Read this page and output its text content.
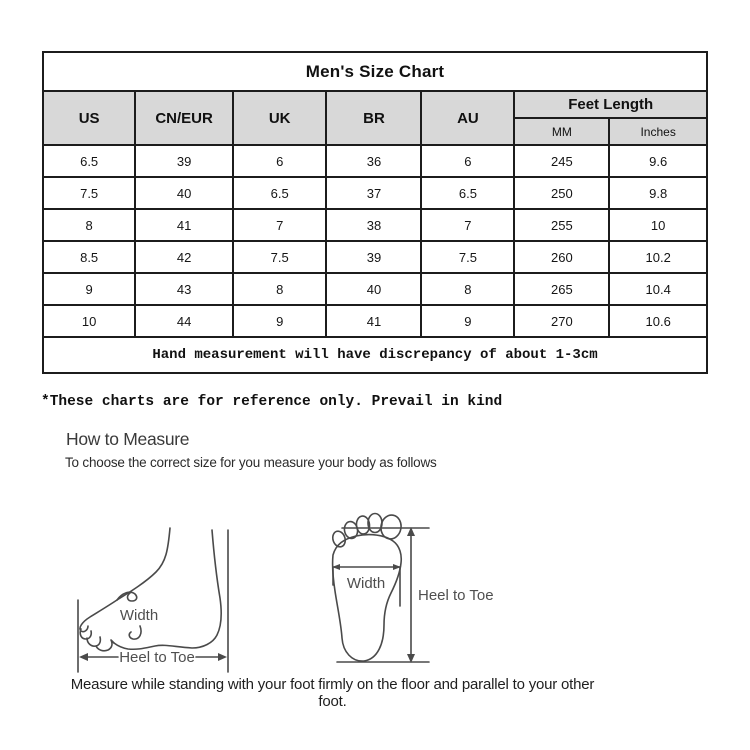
Men's Size Chart						
US	CN/EUR	UK	BR	AU	Feet Length	
					MM	Inches
6.5	39	6	36	6	245	9.6
7.5	40	6.5	37	6.5	250	9.8
8	41	7	38	7	255	10
8.5	42	7.5	39	7.5	260	10.2
9	43	8	40	8	265	10.4
10	44	9	41	9	270	10.6
Hand measurement will have discrepancy of about 1-3cm						
*These charts are for reference only. Prevail in kind
How to Measure
To choose the correct size for you measure your body as follows
Width
Heel to Toe
Width
Heel to Toe
Measure while standing with your foot firmly on the floor and parallel to your other foot.
